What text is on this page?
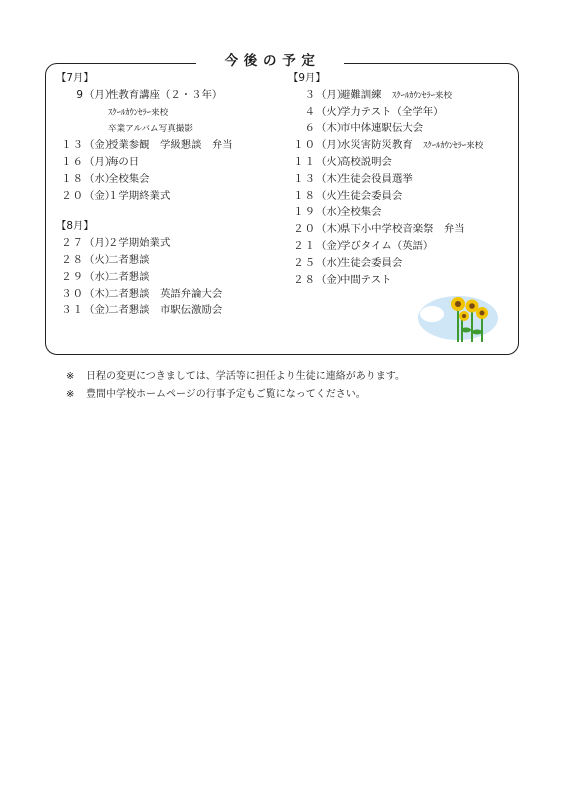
今 後 の 予 定
【7月】
9（月）性教育講座（２・３年）
ｽｸｰﾙｶｳﾝｾﾗｰ来校
卒業アルバム写真撮影
１３（金）授業参観　学級懇談　弁当
１６（月）海の日
１８（水）全校集会
２０（金）１学期終業式
【8月】
２７（月）２学期始業式
２８（火）二者懇談
２９（水）二者懇談
３０（木）二者懇談　英語弁論大会
３１（金）二者懇談　市駅伝激励会
【9月】
３（月）避難訓練　ｽｸｰﾙｶｳﾝｾﾗｰ来校
４（火）学力テスト（全学年）
６（木）市中体連駅伝大会
１０（月）水災害防災教育　ｽｸｰﾙｶｳﾝｾﾗｰ来校
１１（火）高校説明会
１３（木）生徒会役員選挙
１８（火）生徒会委員会
１９（水）全校集会
２０（木）県下小中学校音楽祭　弁当
２１（金）学びタイム（英語）
２５（水）生徒会委員会
２８（金）中間テスト
※ 日程の変更につきましては、学活等に担任より生徒に連絡があります。
※ 豊間中学校ホームページの行事予定もご覧になってください。
